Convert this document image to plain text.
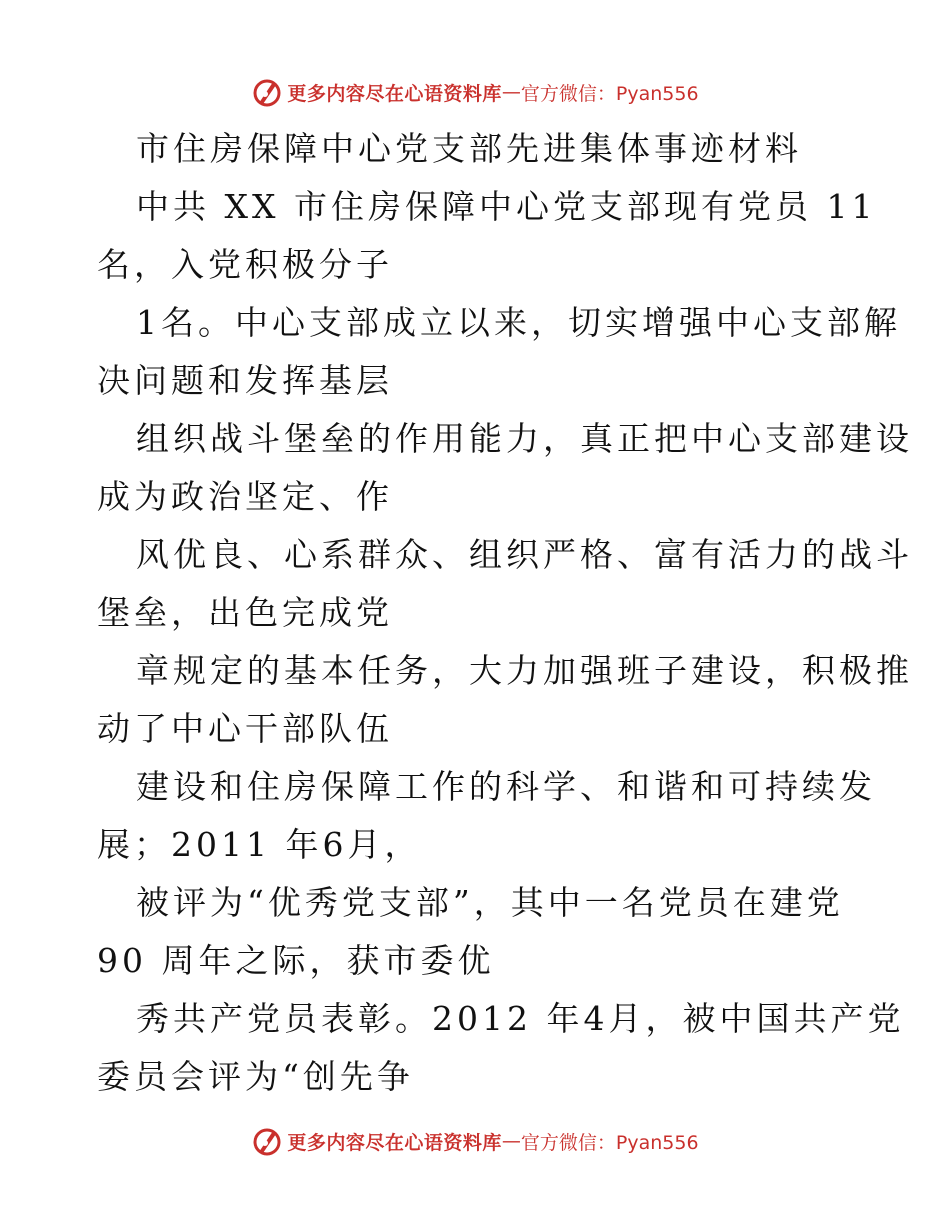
更多内容尽在心语资料库 — 官方微信：Pyan556
市住房保障中心党支部先进集体事迹材料
中共 XX 市住房保障中心党支部现有党员 11
名，入党积极分子
1名。中心支部成立以来，切实增强中心支部解
决问题和发挥基层
组织战斗堡垒的作用能力，真正把中心支部建设
成为政治坚定、作
风优良、心系群众、组织严格、富有活力的战斗
堡垒，出色完成党
章规定的基本任务，大力加强班子建设，积极推
动了中心干部队伍
建设和住房保障工作的科学、和谐和可持续发
展；2011 年6月，
被评为“优秀党支部”，其中一名党员在建党
90 周年之际，获市委优
秀共产党员表彰。2012 年4月，被中国共产党
委员会评为“创先争
更多内容尽在心语资料库 — 官方微信：Pyan556
